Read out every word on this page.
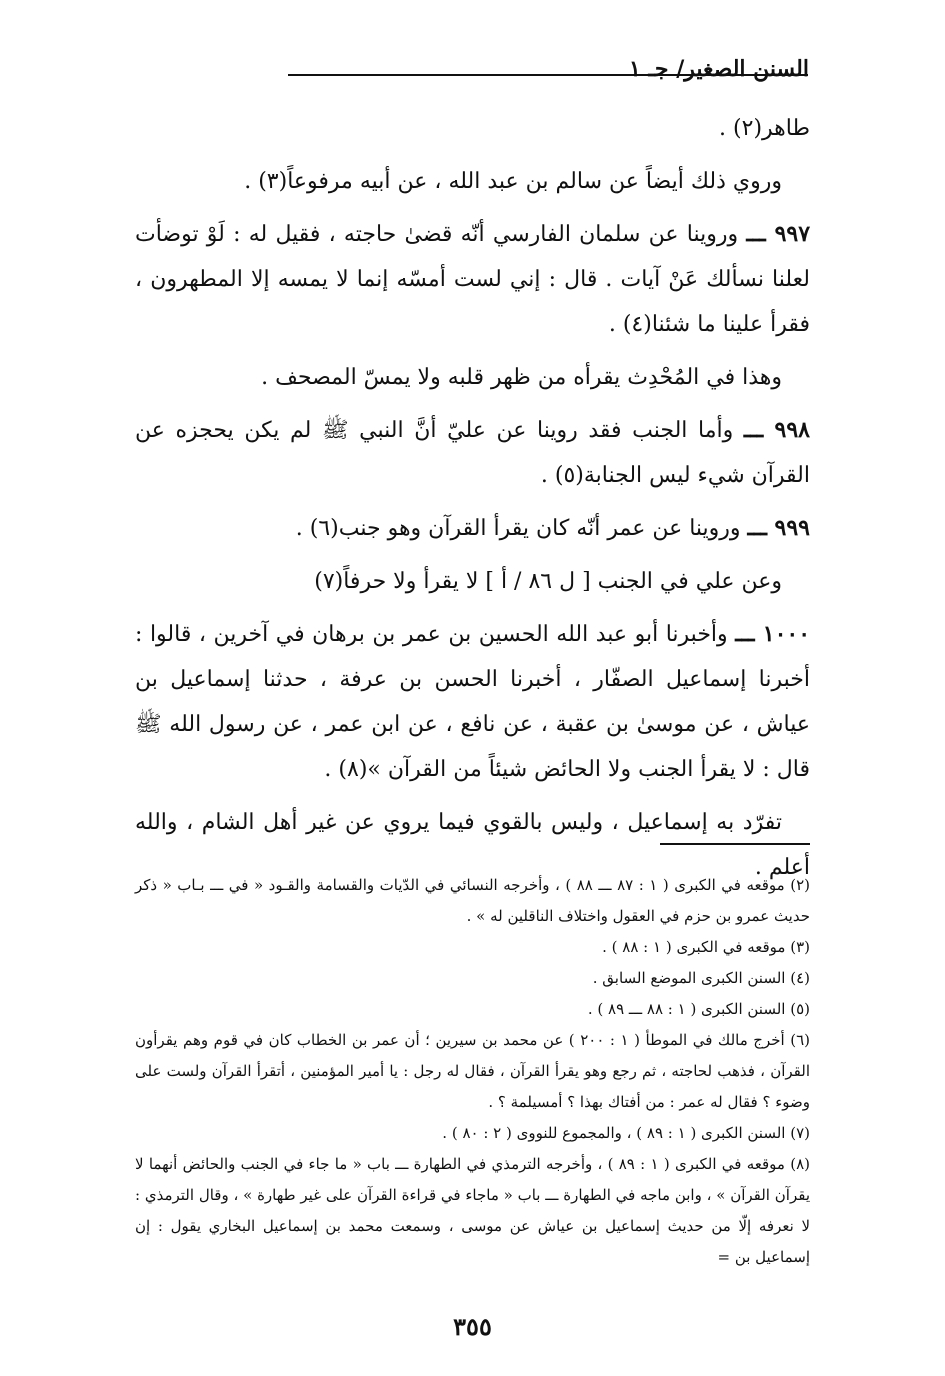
السنن الصغير/ جـ ١

طاهر(٢) .

وروي ذلك أيضاً عن سالم بن عبد الله ، عن أبيه مرفوعاً(٣) .

٩٩٧ ـــ وروينا عن سلمان الفارسي أنّه قضىٰ حاجته ، فقيل له : لَوْ توضأت لعلنا نسألك عَنْ آيات . قال : إني لست أمسّه إنما لا يمسه إلا المطهرون ، فقرأ علينا ما شئنا(٤) .

وهذا في المُحْدِث يقرأه من ظهر قلبه ولا يمسّ المصحف .

٩٩٨ ـــ وأما الجنب فقد روينا عن عليّ أنَّ النبي ﷺ لم يكن يحجزه عن القرآن شيء ليس الجنابة(٥) .

٩٩٩ ـــ وروينا عن عمر أنّه كان يقرأ القرآن وهو جنب(٦) .

وعن علي في الجنب [ ل ٨٦ / أ ] لا يقرأ ولا حرفاً(٧)

١٠٠٠ ـــ وأخبرنا أبو عبد الله الحسين بن عمر بن برهان في آخرين ، قالوا : أخبرنا إسماعيل الصفّار ، أخبرنا الحسن بن عرفة ، حدثنا إسماعيل بن عياش ، عن موسىٰ بن عقبة ، عن نافع ، عن ابن عمر ، عن رسول الله ﷺ قال : لا يقرأ الجنب ولا الحائض شيئاً من القرآن »(٨) .

تفرّد به إسماعيل ، وليس بالقوي فيما يروي عن غير أهل الشام ، والله أعلم .

(٢) موقعه في الكبرى ( ١ : ٨٧ ـــ ٨٨ ) ، وأخرجه النسائي في الدّيات والقسامة والقـود « في ـــ بـاب « ذكر حديث عمرو بن حزم في العقول واختلاف الناقلين له » .

(٣) موقعه في الكبرى ( ١ : ٨٨ ) .

(٤) السنن الكبرى الموضع السابق .

(٥) السنن الكبرى ( ١ : ٨٨ ـــ ٨٩ ) .

(٦) أخرج مالك في الموطأ ( ١ : ٢٠٠ ) عن محمد بن سيرين ؛ أن عمر بن الخطاب كان في قوم وهم يقرأون القرآن ، فذهب لحاجته ، ثم رجع وهو يقرأ القرآن ، فقال له رجل : يا أمير المؤمنين ، أتقرأ القرآن ولست على وضوء ؟ فقال له عمر : من أفتاك بهذا ؟ أمسيلمة ؟ .

(٧) السنن الكبرى ( ١ : ٨٩ ) ، والمجموع للنووى ( ٢ : ٨٠ ) .

(٨) موقعه في الكبرى ( ١ : ٨٩ ) ، وأخرجه الترمذي في الطهارة ـــ باب « ما جاء في الجنب والحائض أنهما لا يقرآن القرآن » ، وابن ماجه في الطهارة ـــ باب « ماجاء في قراءة القرآن على غير طهارة » ، وقال الترمذي : لا نعرفه إلّا من حديث إسماعيل بن عياش عن موسى ، وسمعت محمد بن إسماعيل البخاري يقول : إن إسماعيل بن =

٣٥٥
